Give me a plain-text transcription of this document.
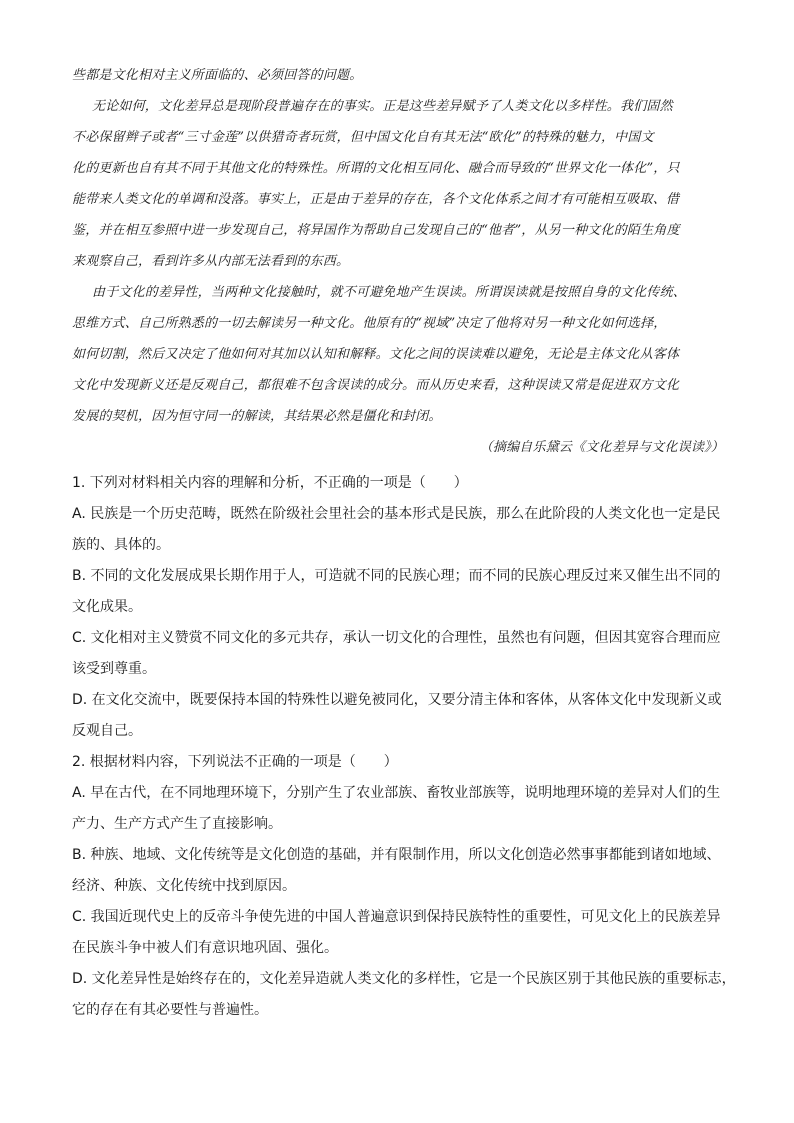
些都是文化相对主义所面临的、必须回答的问题。
无论如何，文化差异总是现阶段普遍存在的事实。正是这些差异赋予了人类文化以多样性。我们固然
不必保留辫子或者“三寸金莲”以供猎奇者玩赏，但中国文化自有其无法“欧化”的特殊的魅力，中国文
化的更新也自有其不同于其他文化的特殊性。所谓的文化相互同化、融合而导致的“世界文化一体化”，只
能带来人类文化的单调和没落。事实上，正是由于差异的存在，各个文化体系之间才有可能相互吸取、借
鉴，并在相互参照中进一步发现自己，将异国作为帮助自己发现自己的“他者”，从另一种文化的陌生角度
来观察自己，看到许多从内部无法看到的东西。
由于文化的差异性，当两种文化接触时，就不可避免地产生误读。所谓误读就是按照自身的文化传统、
思维方式、自己所熟悉的一切去解读另一种文化。他原有的“视域”决定了他将对另一种文化如何选择，
如何切割，然后又决定了他如何对其加以认知和解释。文化之间的误读难以避免，无论是主体文化从客体
文化中发现新义还是反观自己，都很难不包含误读的成分。而从历史来看，这种误读又常是促进双方文化
发展的契机，因为恒守同一的解读，其结果必然是僵化和封闭。
（摘编自乐黛云《文化差异与文化误读》）
1. 下列对材料相关内容的理解和分析，不正确的一项是（　　）
A. 民族是一个历史范畴，既然在阶级社会里社会的基本形式是民族，那么在此阶段的人类文化也一定是民
族的、具体的。
B. 不同的文化发展成果长期作用于人，可造就不同的民族心理；而不同的民族心理反过来又催生出不同的
文化成果。
C. 文化相对主义赞赏不同文化的多元共存，承认一切文化的合理性，虽然也有问题，但因其宽容合理而应
该受到尊重。
D. 在文化交流中，既要保持本国的特殊性以避免被同化，又要分清主体和客体，从客体文化中发现新义或
反观自己。
2. 根据材料内容，下列说法不正确的一项是（　　）
A. 早在古代，在不同地理环境下，分别产生了农业部族、畜牧业部族等，说明地理环境的差异对人们的生
产力、生产方式产生了直接影响。
B. 种族、地域、文化传统等是文化创造的基础，并有限制作用，所以文化创造必然事事都能到诸如地域、
经济、种族、文化传统中找到原因。
C. 我国近现代史上的反帝斗争使先进的中国人普遍意识到保持民族特性的重要性，可见文化上的民族差异
在民族斗争中被人们有意识地巩固、强化。
D. 文化差异性是始终存在的，文化差异造就人类文化的多样性，它是一个民族区别于其他民族的重要标志，
它的存在有其必要性与普遍性。
